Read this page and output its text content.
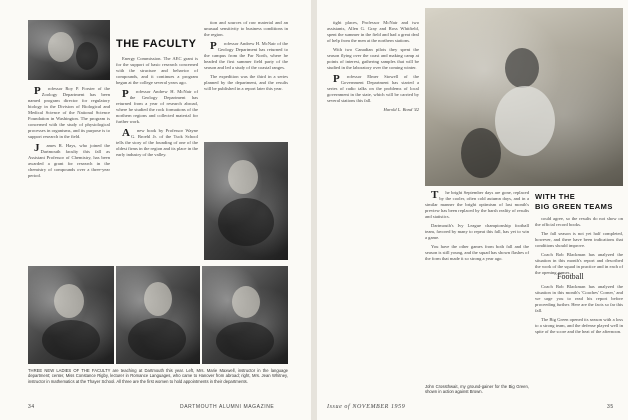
THE FACULTY

Professor Roy P. Forster of the Zoology Department has been named program director for regulatory biology in the Division of Biological and Medical Science of the National Science Foundation in Washington. The program is concerned with the study of physiological processes in organisms, and its purpose is to support research in the field.

James R. Hays, who joined the Dartmouth faculty this fall as Assistant Professor of Chemistry, has been awarded a grant for research in the chemistry of compounds over a three-year period.

Energy Commission. The AEC grant is for the support of basic research concerned with the structure and behavior of compounds, and it continues a program begun at the college several years ago.

Professor Andrew H. McNair of the Geology Department has returned from a year of research abroad, where he studied the rock formations of the northern regions and collected material for further work.

Anew book by Professor Wayne G. Broehl Jr. of the Tuck School tells the story of the founding of one of the oldest firms in the region and its place in the early industry of the valley.

tion and sources of raw material and an unusual sensitivity to business conditions in the region.

Professor Andrew H. McNair of the Geology Department has returned to the campus from the Far North, where he headed the first summer field party of the season and led a study of the coastal ranges.

The expedition was the third in a series planned by the department, and the results will be published in a report later this year.

THREE NEW LADIES OF THE FACULTY are teaching at Dartmouth this year. Left, Mrs. Marie Maxwell, instructor in the language department; center, Miss Constance Rigby, lecturer in Romance Languages, who came to Hanover from abroad; right, Mrs. Jean Whitney, instructor in mathematics at the Thayer School. All three are the first women to hold appointments in their departments.
34	DARTMOUTH ALUMNI MAGAZINE

tight places, Professor McNair and two assistants, Allen G. Gray and Ross Whitfield, spent the summer in the field and had a great deal of help from the men at the northern stations.

With two Canadian pilots they spent the season flying over the coast and making camp at points of interest, gathering samples that will be studied in the laboratory over the coming winter.

Professor Elmer Stowell of the Government Department has started a series of radio talks on the problems of local government in the state, which will be carried by several stations this fall.

Harold L. Bond '42

WITH THE
BIG GREEN TEAMS

The bright September days are gone, replaced by the cooler, often cold autumn days, and in a similar manner the bright optimism of last month's preview has been replaced by the harsh reality of results and statistics.

Dartmouth's Ivy League championship football team, favored by many to repeat this fall, has yet to win a game.

You have the other games from both fall and the season is still young, and the squad has shown flashes of the form that made it so strong a year ago.

could agree, so the results do not show on the official record books.

The fall season is not yet half completed, however, and there have been indications that conditions should improve.

Coach Bob Blackman has analyzed the situation in this month's report and described the work of the squad in practice and in each of the opening games.

Football

Coach Bob Blackman has analyzed the situation in this month's 'Coaches' Corner,' and we urge you to read his report before proceeding further. Here are the facts so far this fall.

The Big Green opened its season with a loss to a strong team, and the defense played well in spite of the score and the heat of the afternoon.

John Crossthwait, my ground-gainer for the Big Green, shown in action against Brown.
Issue of NOVEMBER 1959	35
